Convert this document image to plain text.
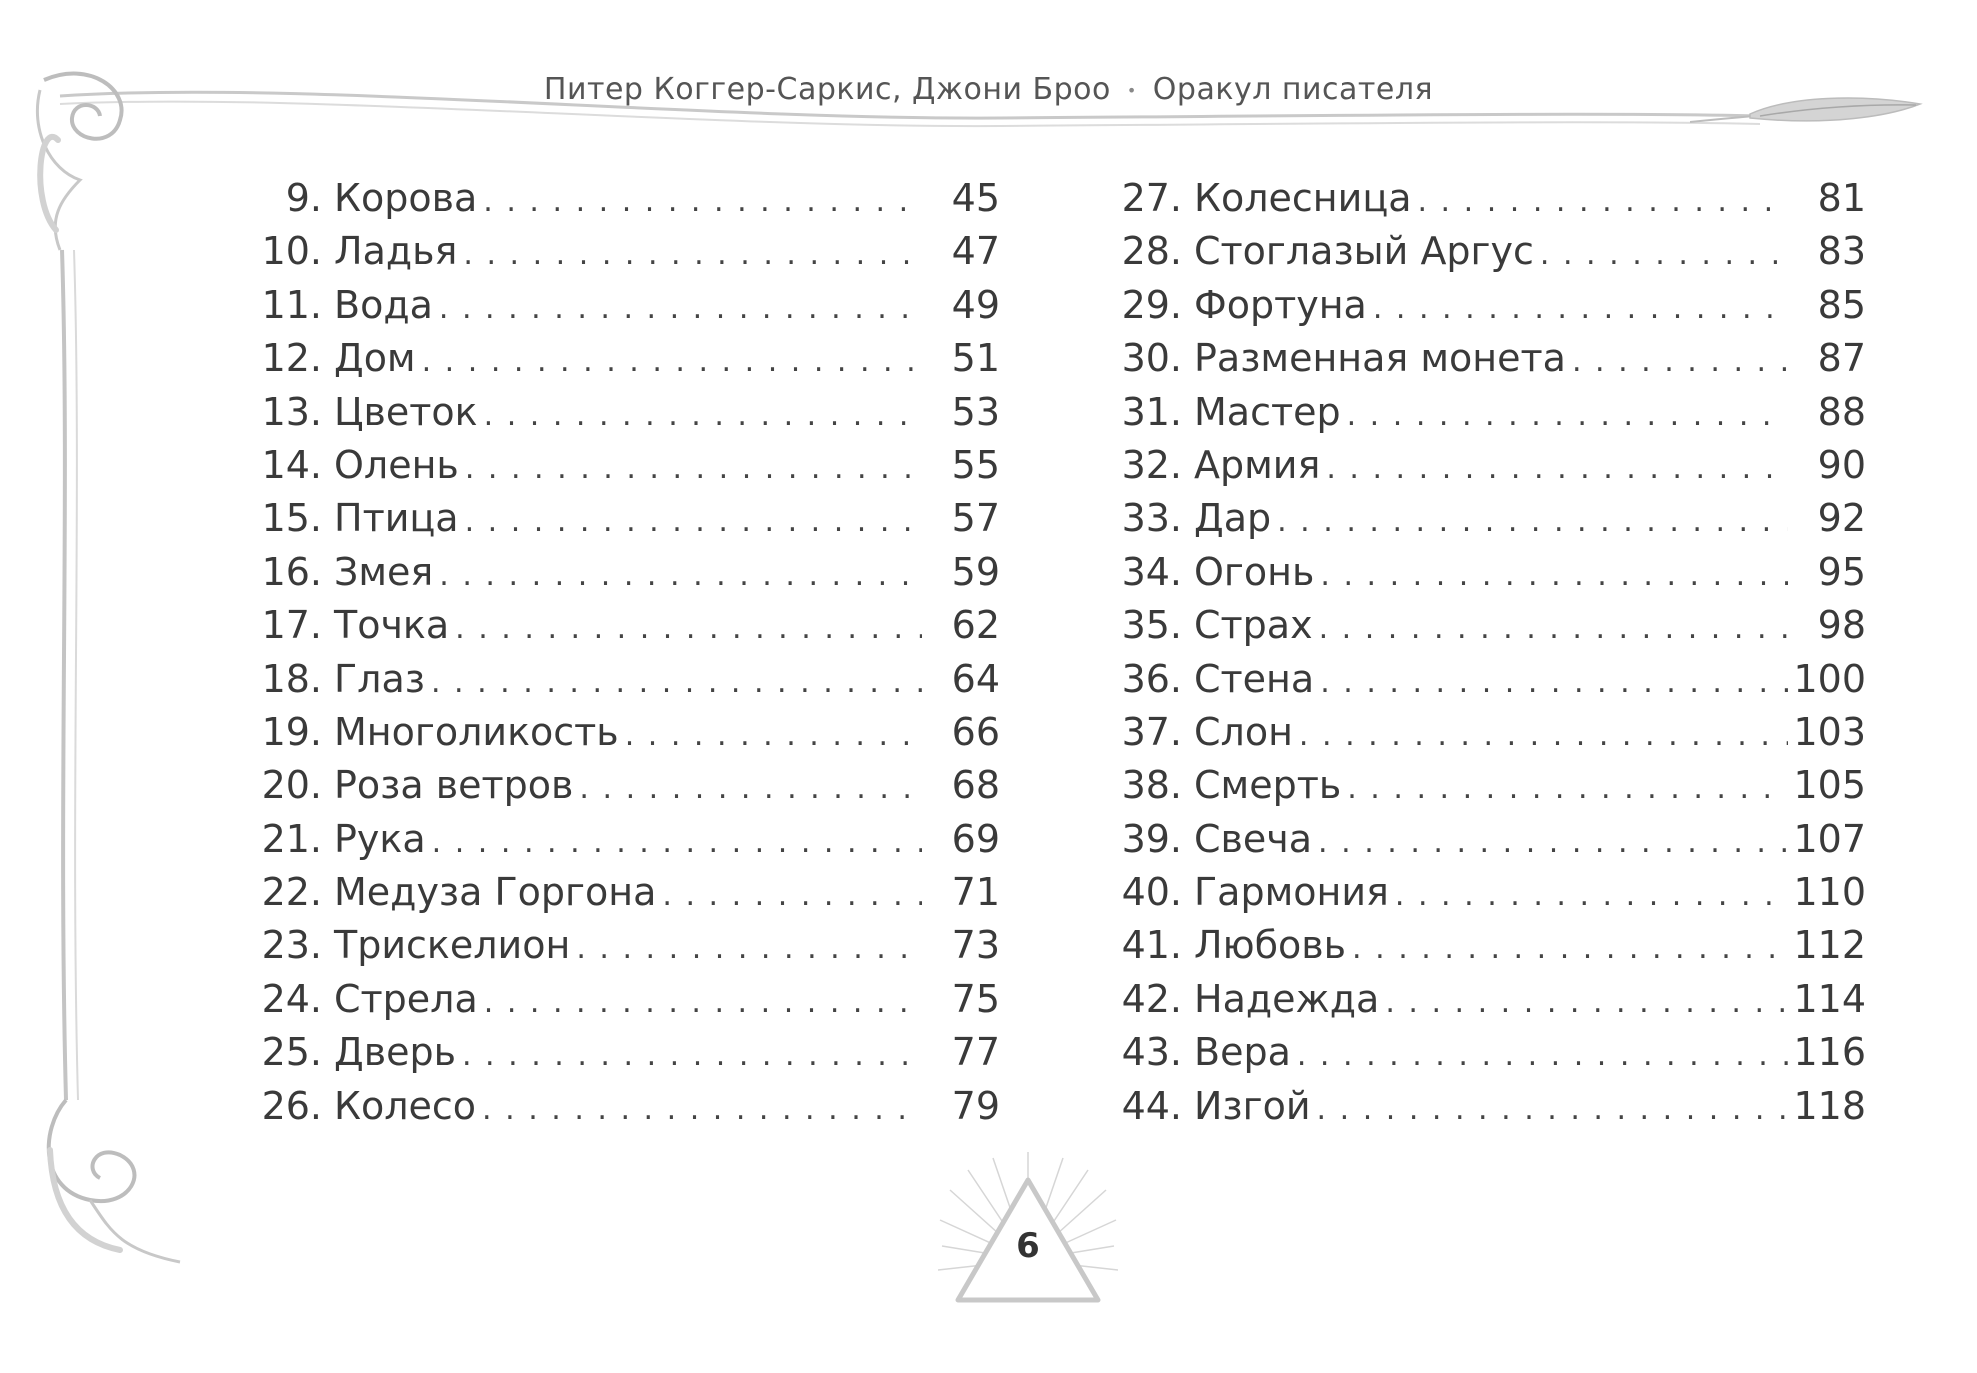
Питер Коггер-Саркис, Джони Броо • Оракул писателя
9. Корова . . .	45
10. Ладья . . .	47
11. Вода . . .	49
12. Дом . . .	51
13. Цветок . . .	53
14. Олень . . .	55
15. Птица . . .	57
16. Змея . . .	59
17. Точка . . .	62
18. Глаз . . .	64
19. Многоликость . . .	66
20. Роза ветров . . .	68
21. Рука . . .	69
22. Медуза Горгона . . .	71
23. Трискелион . . .	73
24. Стрела . . .	75
25. Дверь . . .	77
26. Колесо . . .	79
27. Колесница . . .	81
28. Стоглазый Аргус . . .	83
29. Фортуна . . .	85
30. Разменная монета . . .	87
31. Мастер . . .	88
32. Армия . . .	90
33. Дар . . .	92
34. Огонь . . .	95
35. Страх . . .	98
36. Стена . . .	100
37. Слон . . .	103
38. Смерть . . .	105
39. Свеча . . .	107
40. Гармония . . .	110
41. Любовь . . .	112
42. Надежда . . .	114
43. Вера . . .	116
44. Изгой . . .	118
6
